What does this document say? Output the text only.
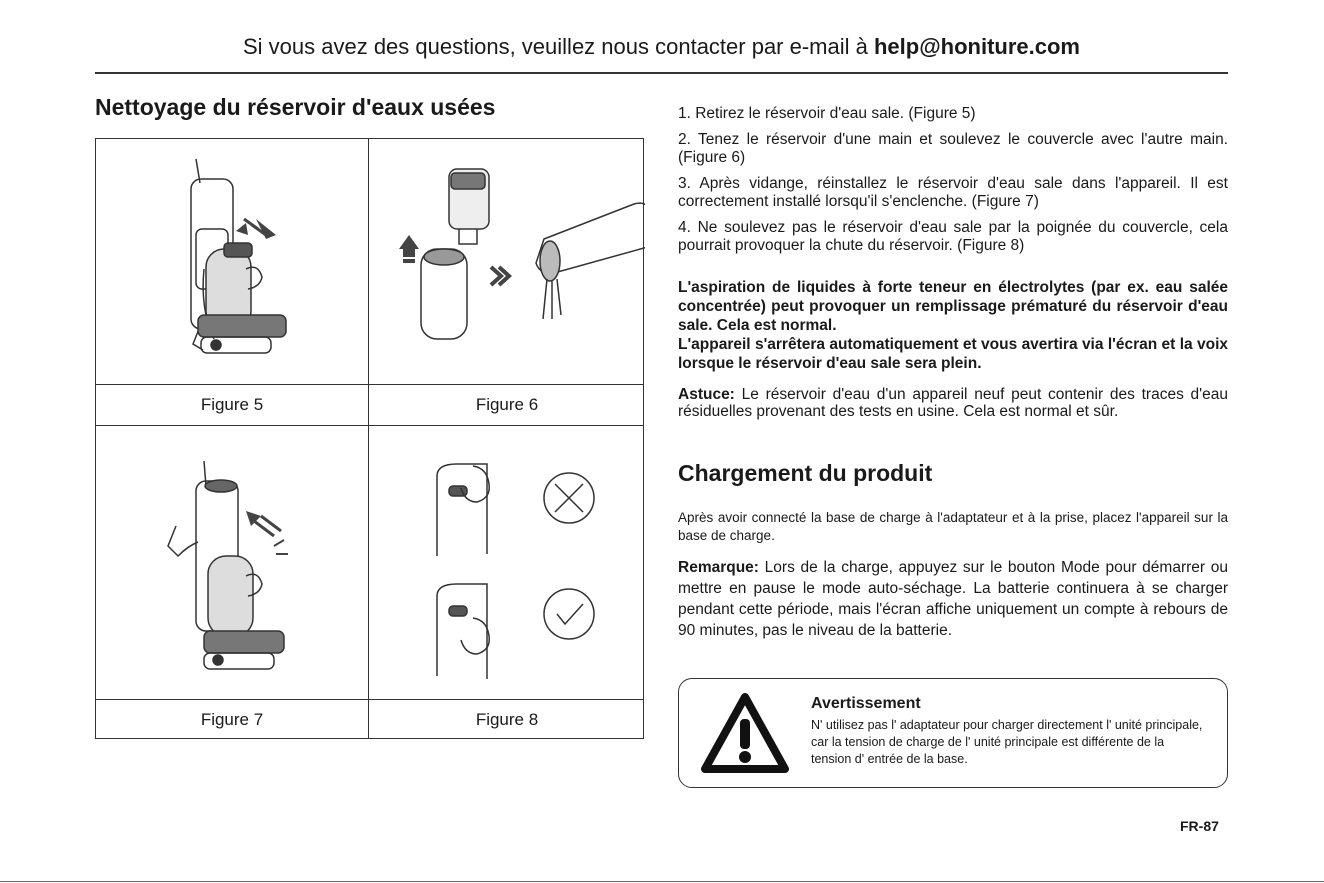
Si vous avez des questions, veuillez nous contacter par e-mail à help@honiture.com
Nettoyage du réservoir d'eaux usées
Figure 5	Figure 6
Figure 7	Figure 8

1. Retirez le réservoir d'eau sale. (Figure 5)

2. Tenez le réservoir d'une main et soulevez le couvercle avec l'autre main. (Figure 6)

3. Après vidange, réinstallez le réservoir d'eau sale dans l'appareil. Il est correctement installé lorsqu'il s'enclenche. (Figure 7)

4. Ne soulevez pas le réservoir d'eau sale par la poignée du couvercle, cela pourrait provoquer la chute du réservoir. (Figure 8)

L'aspiration de liquides à forte teneur en électrolytes (par ex. eau salée concentrée) peut provoquer un remplissage prématuré du réservoir d'eau sale. Cela est normal.

L'appareil s'arrêtera automatiquement et vous avertira via l'écran et la voix lorsque le réservoir d'eau sale sera plein.

Astuce: Le réservoir d'eau d'un appareil neuf peut contenir des traces d'eau résiduelles provenant des tests en usine. Cela est normal et sûr.

Chargement du produit

Après avoir connecté la base de charge à l'adaptateur et à la prise, placez l'appareil sur la base de charge.

Remarque: Lors de la charge, appuyez sur le bouton Mode pour démarrer ou mettre en pause le mode auto-séchage. La batterie continuera à se charger pendant cette période, mais l'écran affiche uniquement un compte à rebours de 90 minutes, pas le niveau de la batterie.

Avertissement
N' utilisez pas l' adaptateur pour charger directement l' unité principale, car la tension de charge de l' unité principale est différente de la tension d' entrée de la base.
FR-87
